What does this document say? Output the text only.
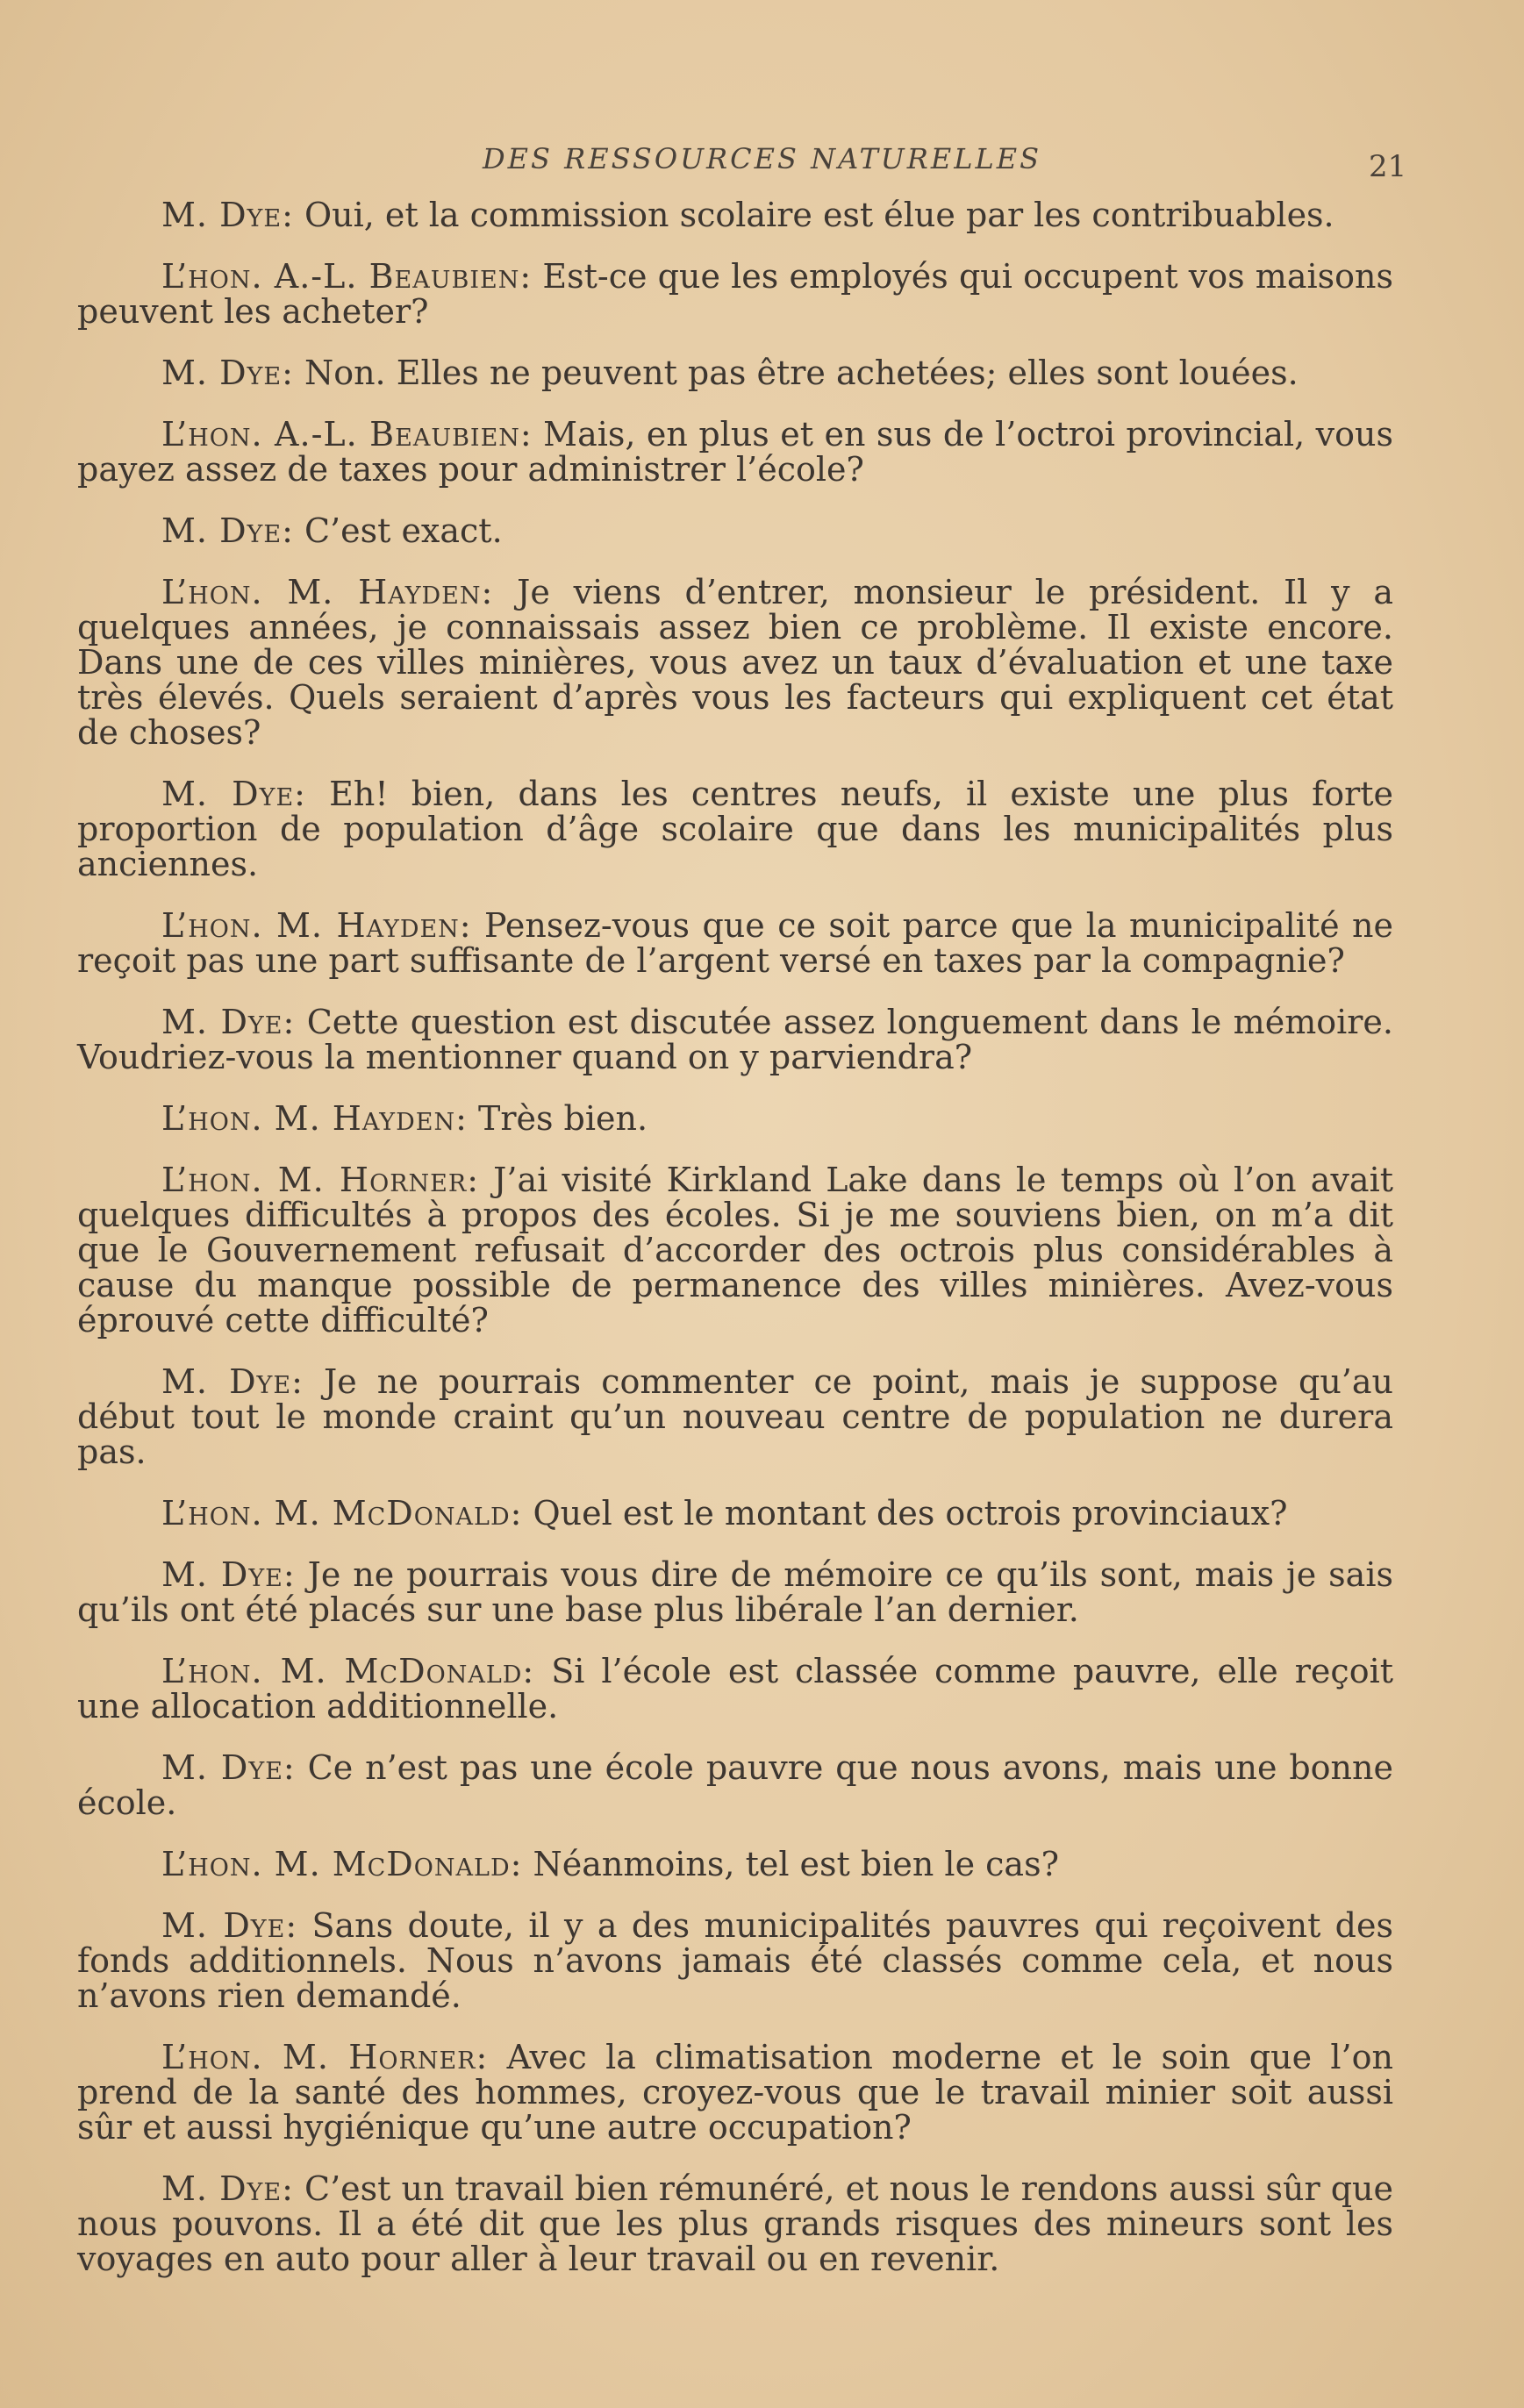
DES RESSOURCES NATURELLES	21

M. Dye: Oui, et la commission scolaire est élue par les contribuables.

L’hon. A.-L. Beaubien: Est-ce que les employés qui occupent vos maisons peuvent les acheter?

M. Dye: Non. Elles ne peuvent pas être achetées; elles sont louées.

L’hon. A.-L. Beaubien: Mais, en plus et en sus de l’octroi provincial, vous payez assez de taxes pour administrer l’école?

M. Dye: C’est exact.

L’hon. M. Hayden: Je viens d’entrer, monsieur le président. Il y a quelques années, je connaissais assez bien ce problème. Il existe encore. Dans une de ces villes minières, vous avez un taux d’évaluation et une taxe très élevés. Quels seraient d’après vous les facteurs qui expliquent cet état de choses?

M. Dye: Eh! bien, dans les centres neufs, il existe une plus forte proportion de population d’âge scolaire que dans les municipalités plus anciennes.

L’hon. M. Hayden: Pensez-vous que ce soit parce que la municipalité ne reçoit pas une part suffisante de l’argent versé en taxes par la compagnie?

M. Dye: Cette question est discutée assez longuement dans le mémoire. Voudriez-vous la mentionner quand on y parviendra?

L’hon. M. Hayden: Très bien.

L’hon. M. Horner: J’ai visité Kirkland Lake dans le temps où l’on avait quelques difficultés à propos des écoles. Si je me souviens bien, on m’a dit que le Gouvernement refusait d’accorder des octrois plus considérables à cause du manque possible de permanence des villes minières. Avez-vous éprouvé cette difficulté?

M. Dye: Je ne pourrais commenter ce point, mais je suppose qu’au début tout le monde craint qu’un nouveau centre de population ne durera pas.

L’hon. M. McDonald: Quel est le montant des octrois provinciaux?

M. Dye: Je ne pourrais vous dire de mémoire ce qu’ils sont, mais je sais qu’ils ont été placés sur une base plus libérale l’an dernier.

L’hon. M. McDonald: Si l’école est classée comme pauvre, elle reçoit une allocation additionnelle.

M. Dye: Ce n’est pas une école pauvre que nous avons, mais une bonne école.

L’hon. M. McDonald: Néanmoins, tel est bien le cas?

M. Dye: Sans doute, il y a des municipalités pauvres qui reçoivent des fonds additionnels. Nous n’avons jamais été classés comme cela, et nous n’avons rien demandé.

L’hon. M. Horner: Avec la climatisation moderne et le soin que l’on prend de la santé des hommes, croyez-vous que le travail minier soit aussi sûr et aussi hygiénique qu’une autre occupation?

M. Dye: C’est un travail bien rémunéré, et nous le rendons aussi sûr que nous pouvons. Il a été dit que les plus grands risques des mineurs sont les voyages en auto pour aller à leur travail ou en revenir.
